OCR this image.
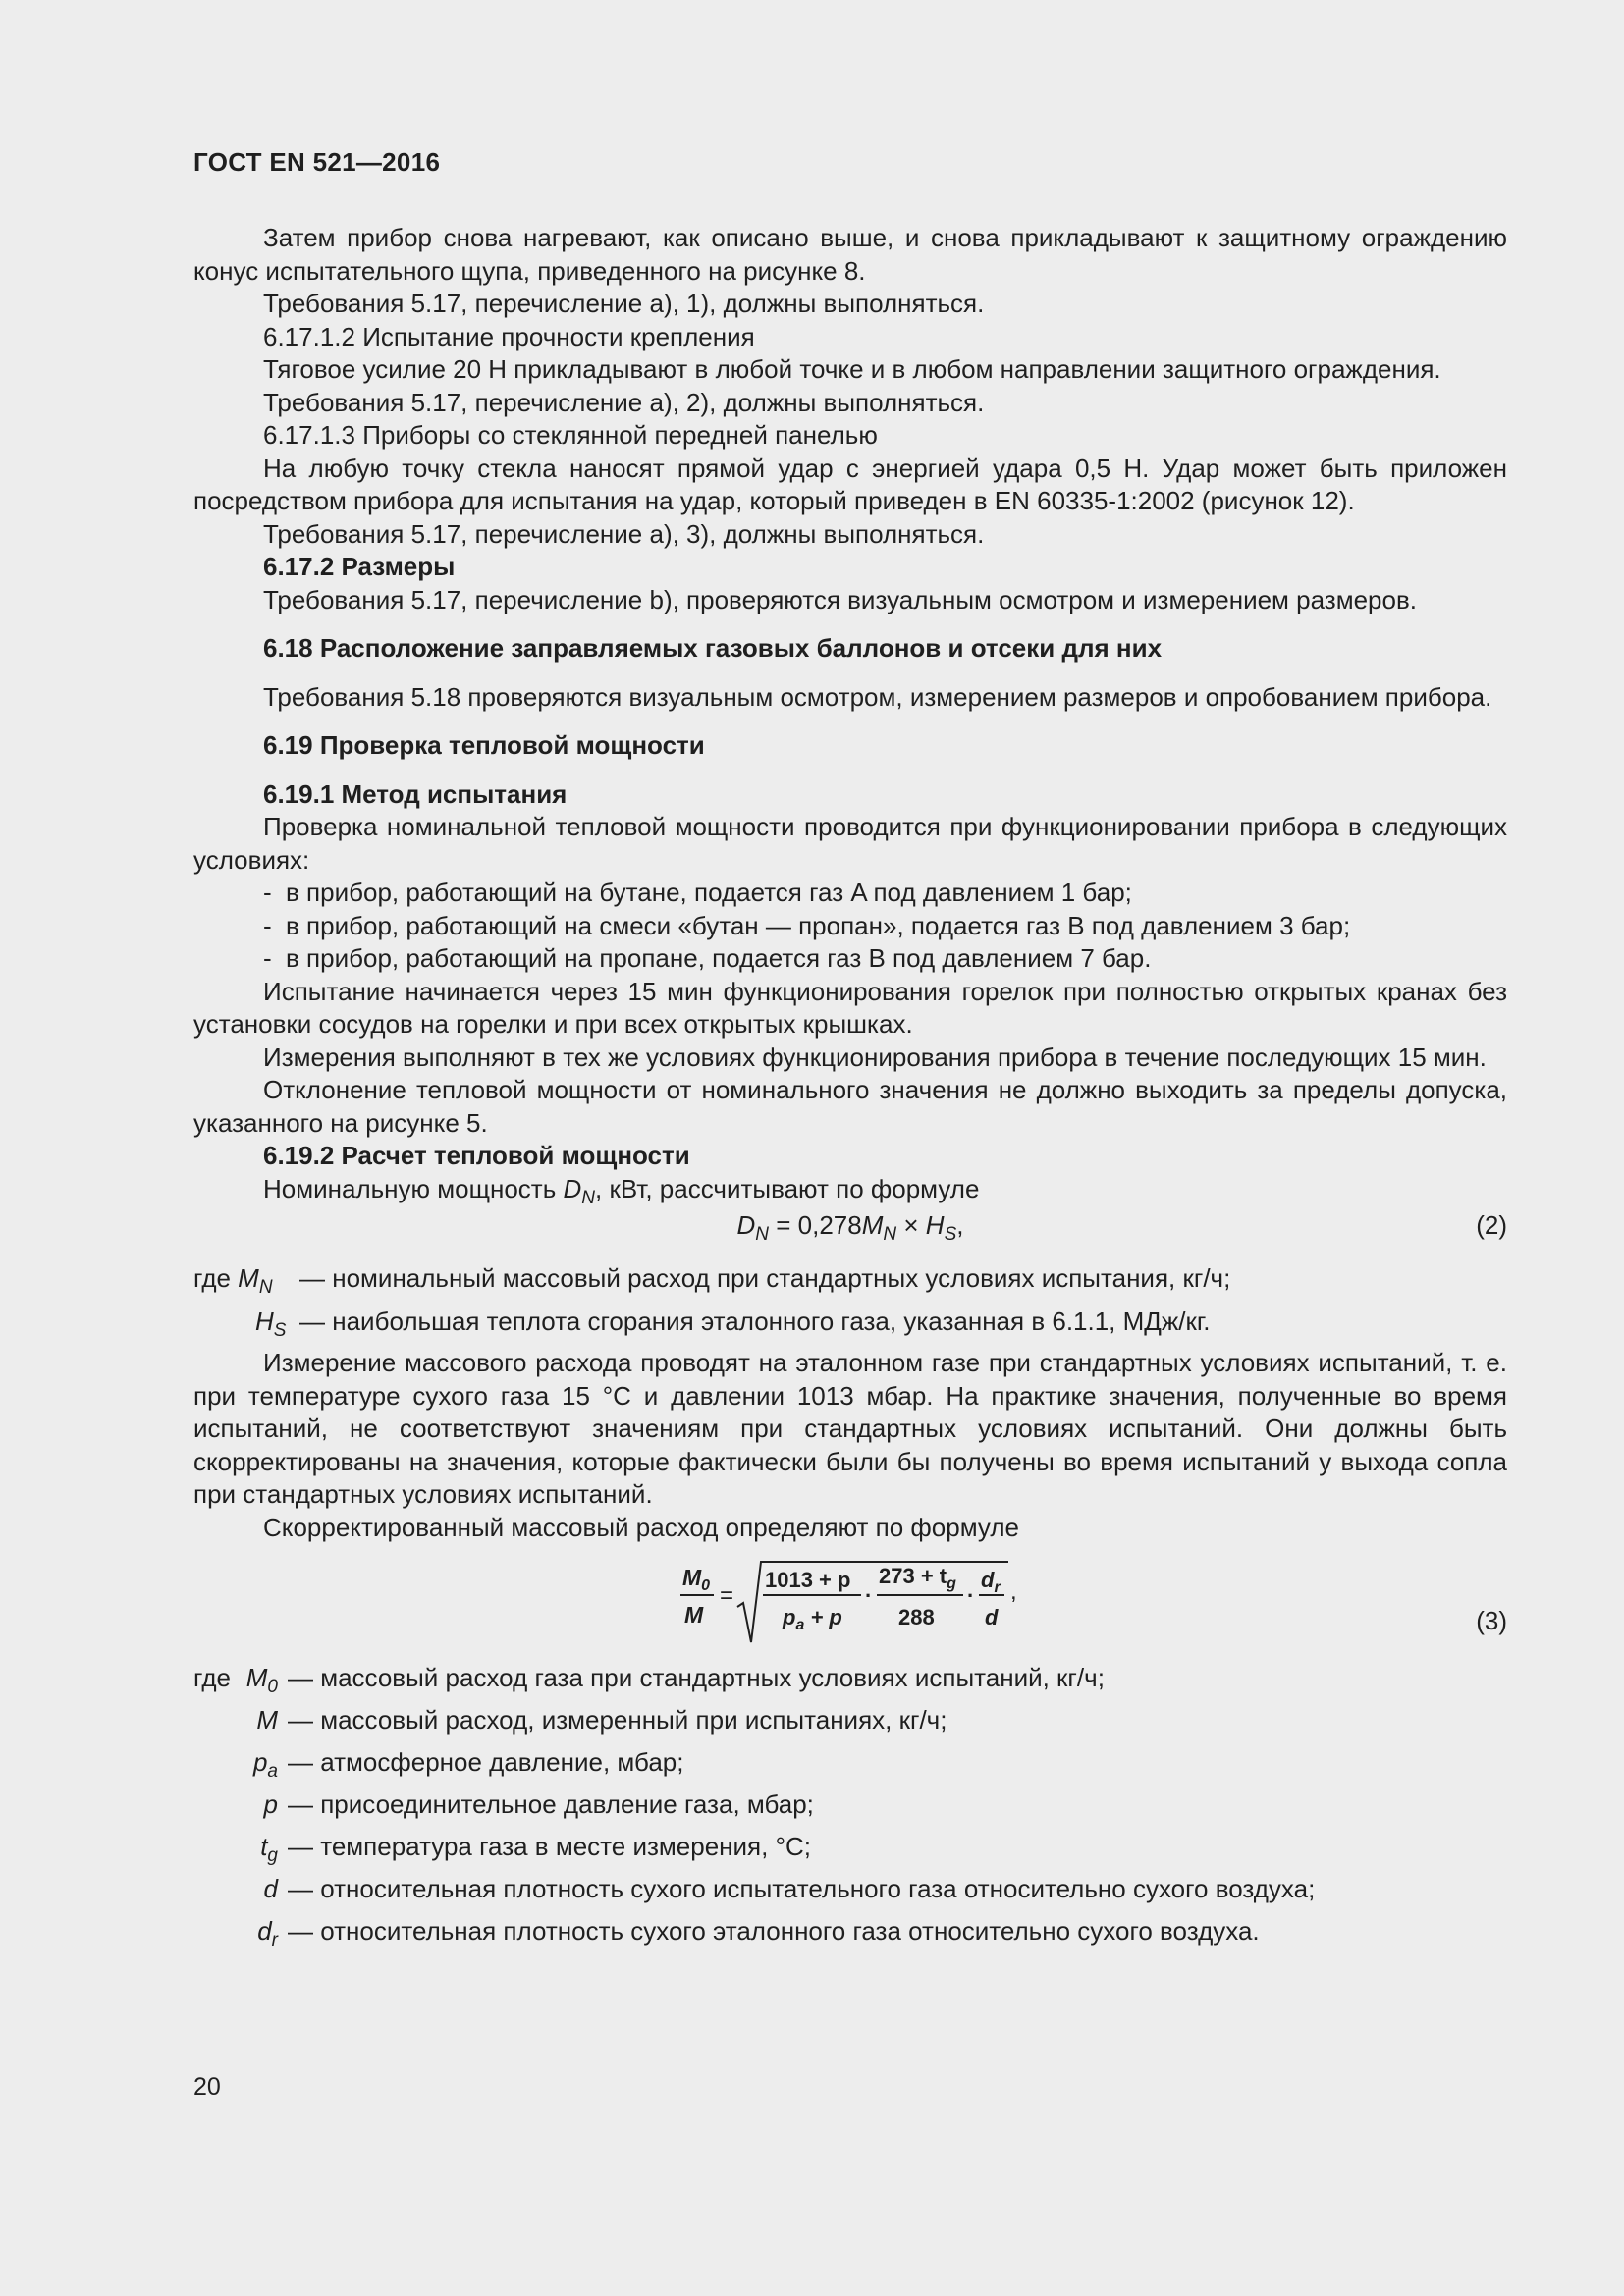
ГОСТ EN 521—2016

Затем прибор снова нагревают, как описано выше, и снова прикладывают к защитному ограждению конус испытательного щупа, приведенного на рисунке 8.

Требования 5.17, перечисление a), 1), должны выполняться.

6.17.1.2 Испытание прочности крепления

Тяговое усилие 20 Н прикладывают в любой точке и в любом направлении защитного ограждения.

Требования 5.17, перечисление a), 2), должны выполняться.

6.17.1.3 Приборы со стеклянной передней панелью

На любую точку стекла наносят прямой удар с энергией удара 0,5 Н. Удар может быть приложен посредством прибора для испытания на удар, который приведен в EN 60335-1:2002 (рисунок 12).

Требования 5.17, перечисление a), 3), должны выполняться.

6.17.2 Размеры

Требования 5.17, перечисление b), проверяются визуальным осмотром и измерением размеров.

6.18 Расположение заправляемых газовых баллонов и отсеки для них

Требования 5.18 проверяются визуальным осмотром, измерением размеров и опробованием прибора.

6.19 Проверка тепловой мощности

6.19.1 Метод испытания

Проверка номинальной тепловой мощности проводится при функционировании прибора в следующих условиях:

- в прибор, работающий на бутане, подается газ A под давлением 1 бар;

- в прибор, работающий на смеси «бутан — пропан», подается газ B под давлением 3 бар;

- в прибор, работающий на пропане, подается газ B под давлением 7 бар.

Испытание начинается через 15 мин функционирования горелок при полностью открытых кранах без установки сосудов на горелки и при всех открытых крышках.

Измерения выполняют в тех же условиях функционирования прибора в течение последующих 15 мин.

Отклонение тепловой мощности от номинального значения не должно выходить за пределы допуска, указанного на рисунке 5.

6.19.2 Расчет тепловой мощности

Номинальную мощность $D_N$, кВт, рассчитывают по формуле

$D_N = 0,278M_N \times H_S$,	(2)
где $M_N$	— номинальный массовый расход при стандартных условиях испытания, кг/ч;
$H_S$ — наибольшая теплота сгорания эталонного газа, указанная в 6.1.1, МДж/кг.

Измерение массового расхода проводят на эталонном газе при стандартных условиях испытаний, т. е. при температуре сухого газа 15 °C и давлении 1013 мбар. На практике значения, полученные во время испытаний, не соответствуют значениям при стандартных условиях испытаний. Они должны быть скорректированы на значения, которые фактически были бы получены во время испытаний у выхода сопла при стандартных условиях испытаний.

Скорректированный массовый расход определяют по формуле

$M_0$
M
=
1013 + p
$p_a + p$
·
$273 + t_g$
288
·
$d_r$
d
,
(3)
где $M_0$ — массовый расход газа при стандартных условиях испытаний, кг/ч;
M — массовый расход, измеренный при испытаниях, кг/ч;
$p_a$ — атмосферное давление, мбар;
p — присоединительное давление газа, мбар;
$t_g$ — температура газа в месте измерения, °C;
d — относительная плотность сухого испытательного газа относительно сухого воздуха;
$d_r$ — относительная плотность сухого эталонного газа относительно сухого воздуха.
20
